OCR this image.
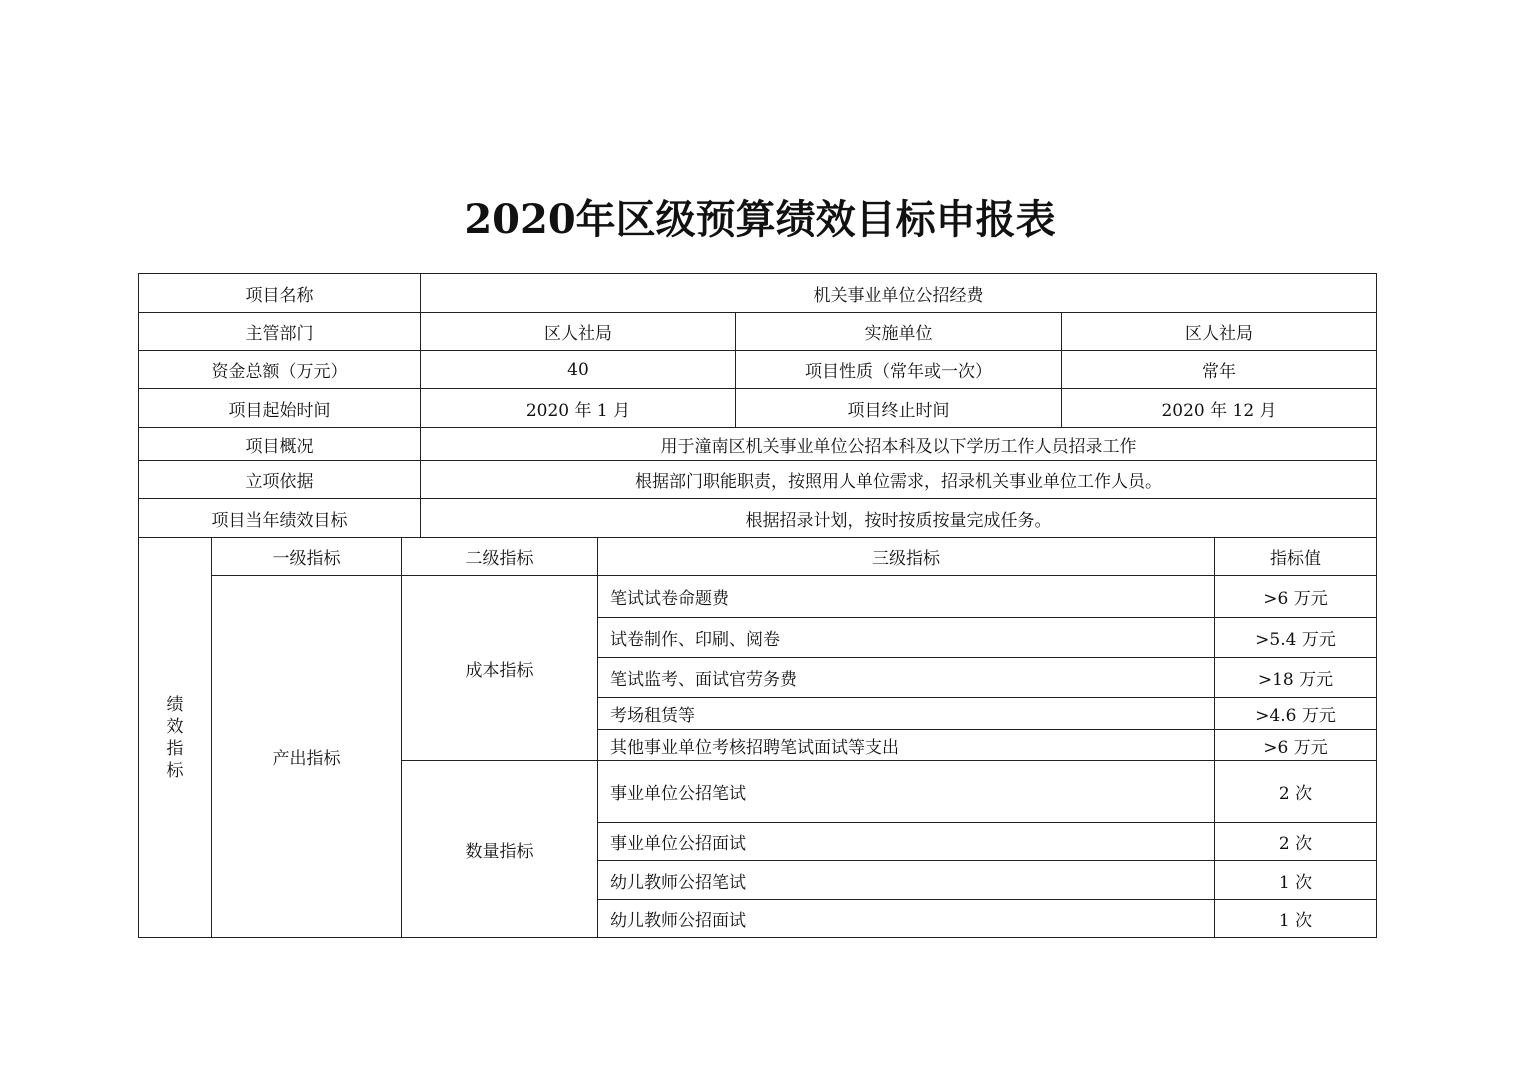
2020年区级预算绩效目标申报表
项目名称			机关事业单位公招经费				
主管部门			区人社局		实施单位	区人社局	
资金总额（万元）			40		项目性质（常年或一次）	常年	
项目起始时间			2020 年 1 月		项目终止时间	2020 年 12 月	
项目概况			用于潼南区机关事业单位公招本科及以下学历工作人员招录工作				
立项依据			根据部门职能职责，按照用人单位需求，招录机关事业单位工作人员。				
项目当年绩效目标			根据招录计划，按时按质按量完成任务。				

绩
效
指
标	一级指标	二级指标		三级指标			指标值
	产出指标	成本指标		笔试试卷命题费			>6 万元
				试卷制作、印刷、阅卷			>5.4 万元
				笔试监考、面试官劳务费			>18 万元
				考场租赁等			>4.6 万元
				其他事业单位考核招聘笔试面试等支出			>6 万元
		数量指标		事业单位公招笔试			2 次
				事业单位公招面试			2 次
				幼儿教师公招笔试			1 次
				幼儿教师公招面试			1 次
